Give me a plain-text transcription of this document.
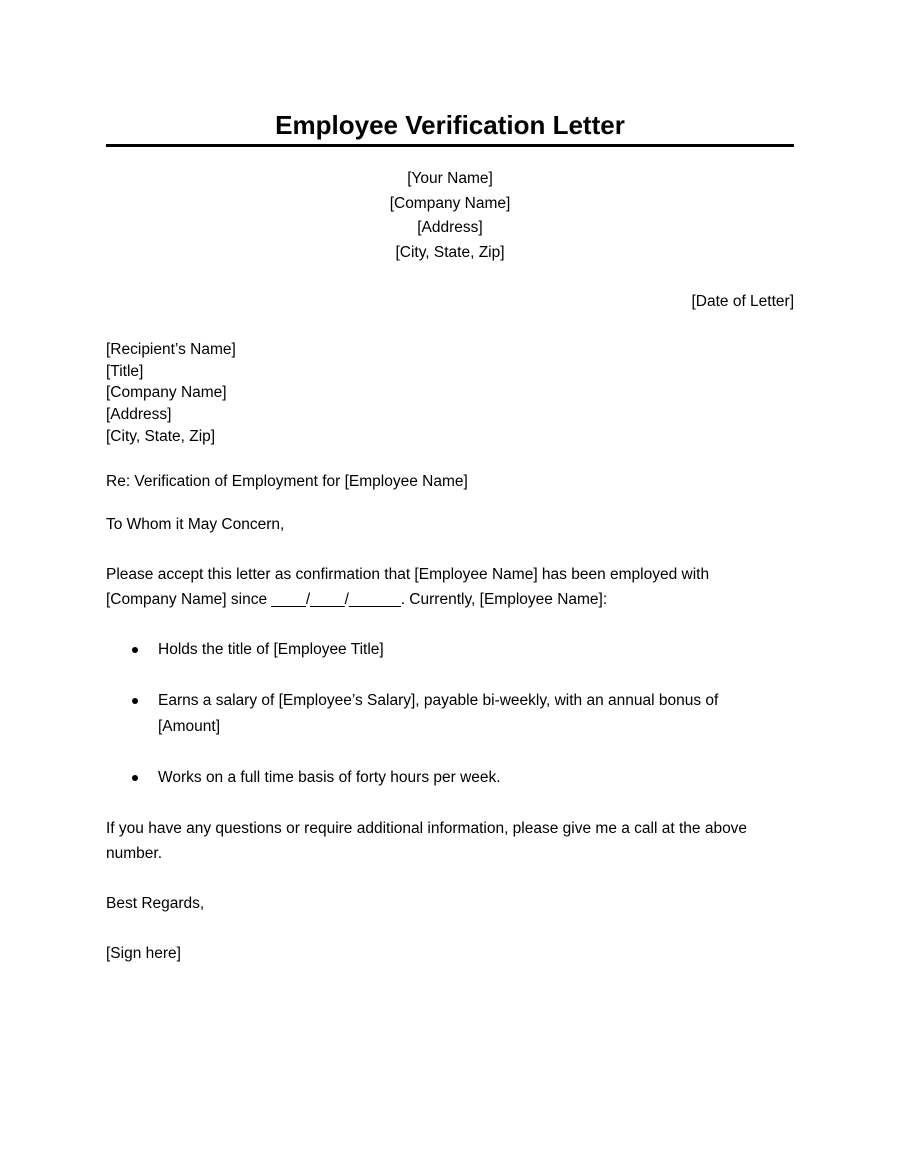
Employee Verification Letter
[Your Name]
[Company Name]
[Address]
[City, State, Zip]
[Date of Letter]
[Recipient’s Name]
[Title]
[Company Name]
[Address]
[City, State, Zip]

Re: Verification of Employment for [Employee Name]

To Whom it May Concern,

Please accept this letter as confirmation that [Employee Name] has been employed with
[Company Name] since ____/____/______. Currently, [Employee Name]:

Holds the title of [Employee Title]
Earns a salary of [Employee’s Salary], payable bi-weekly, with an annual bonus of
[Amount]
Works on a full time basis of forty hours per week.

If you have any questions or require additional information, please give me a call at the above
number.

Best Regards,

[Sign here]
